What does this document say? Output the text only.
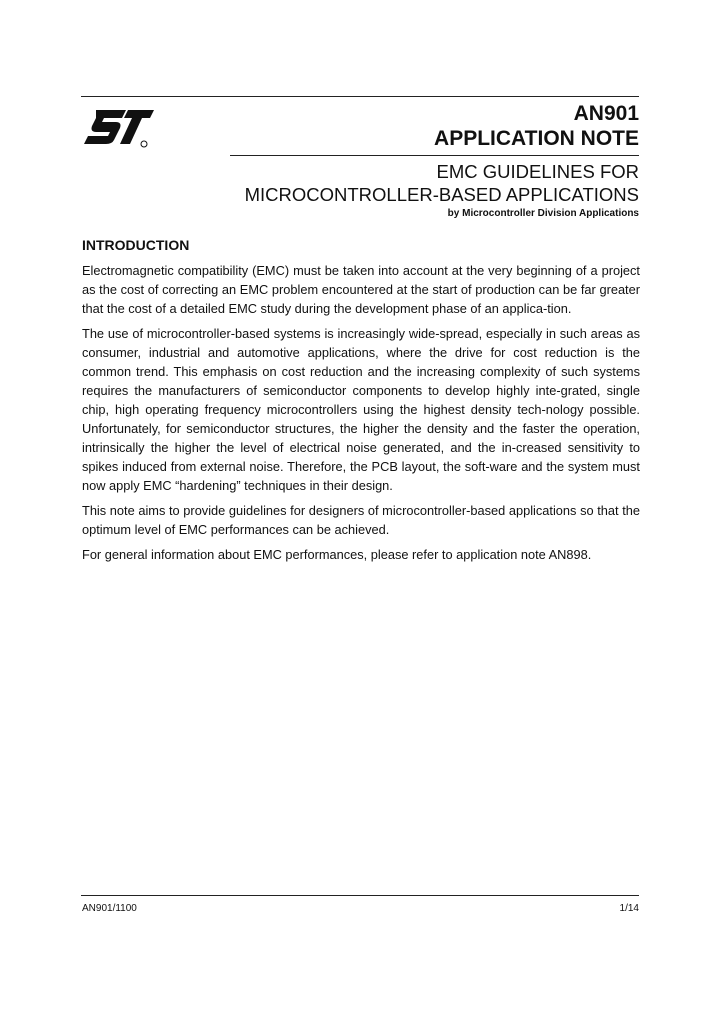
AN901

APPLICATION NOTE

EMC GUIDELINES FOR

MICROCONTROLLER-BASED APPLICATIONS

by Microcontroller Division Applications
INTRODUCTION

Electromagnetic compatibility (EMC) must be taken into account at the very beginning of a project as the cost of correcting an EMC problem encountered at the start of production can be far greater that the cost of a detailed EMC study during the development phase of an applica-tion.

The use of microcontroller-based systems is increasingly wide-spread, especially in such areas as consumer, industrial and automotive applications, where the drive for cost reduction is the common trend. This emphasis on cost reduction and the increasing complexity of such systems requires the manufacturers of semiconductor components to develop highly inte-grated, single chip, high operating frequency microcontrollers using the highest density tech-nology possible. Unfortunately, for semiconductor structures, the higher the density and the faster the operation, intrinsically the higher the level of electrical noise generated, and the in-creased sensitivity to spikes induced from external noise. Therefore, the PCB layout, the soft-ware and the system must now apply EMC “hardening” techniques in their design.

This note aims to provide guidelines for designers of microcontroller-based applications so that the optimum level of EMC performances can be achieved.

For general information about EMC performances, please refer to application note AN898.

AN901/1100	1/14
